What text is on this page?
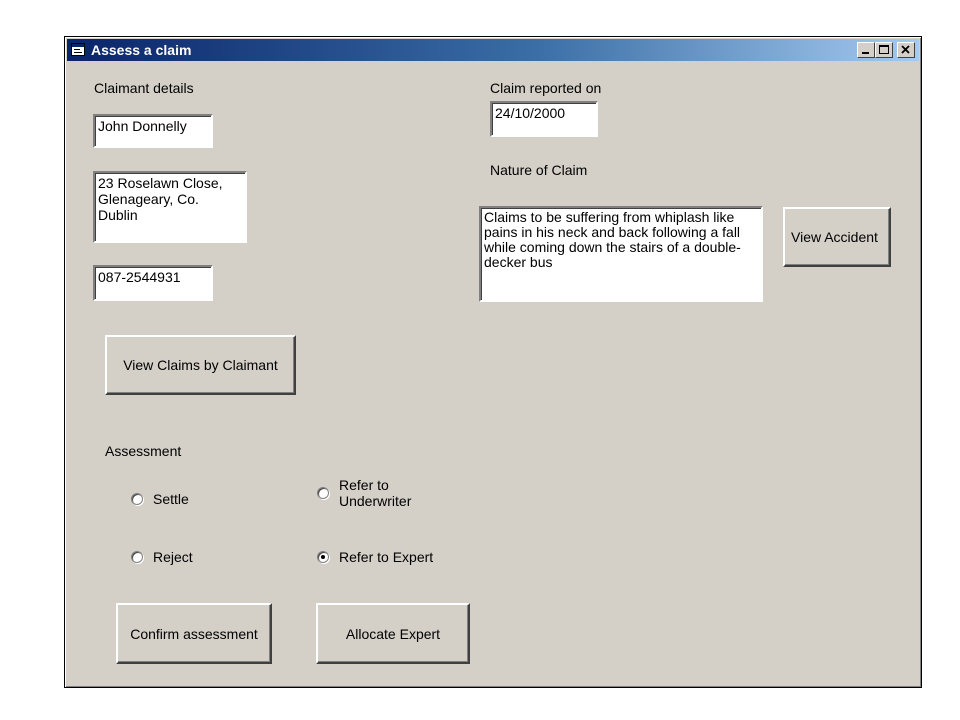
Assess a claim
Claimant details
John Donnelly
23 Roselawn Close,
Glenageary, Co.
Dublin
087-2544931
View Claims by Claimant
Claim reported on
24/10/2000
Nature of Claim
Claims to be suffering from whiplash like pains in his neck and back following a fall while coming down the stairs of a double-decker bus
View Accident
Assessment
Settle
Reject
Refer to Underwriter
Refer to Expert
Confirm assessment	Allocate Expert
